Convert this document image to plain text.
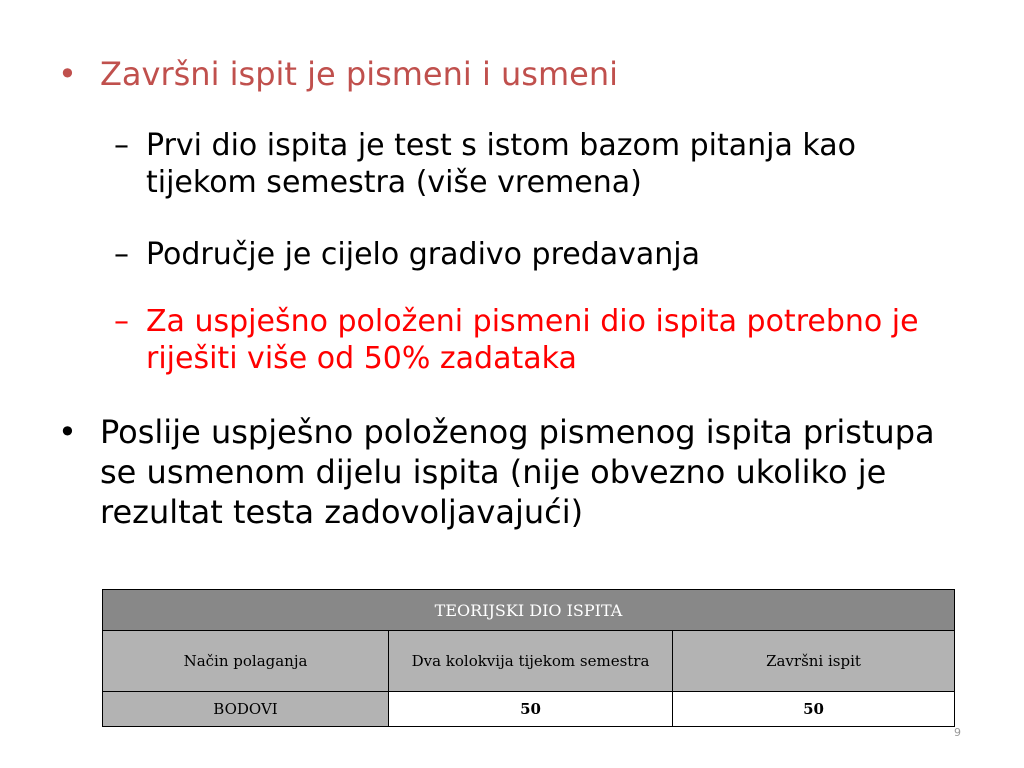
• Završni ispit je pismeni i usmeni
– Prvi dio ispita je test s istom bazom pitanja kao tijekom semestra (više vremena)
– Područje je cijelo gradivo predavanja
– Za uspješno položeni pismeni dio ispita potrebno je riješiti više od 50% zadataka
• Poslije uspješno položenog pismenog ispita pristupa se usmenom dijelu ispita (nije obvezno ukoliko je rezultat testa zadovoljavajući)
TEORIJSKI DIO ISPITA		
Način polaganja	Dva kolokvija tijekom semestra	Završni ispit
BODOVI	50	50
9
